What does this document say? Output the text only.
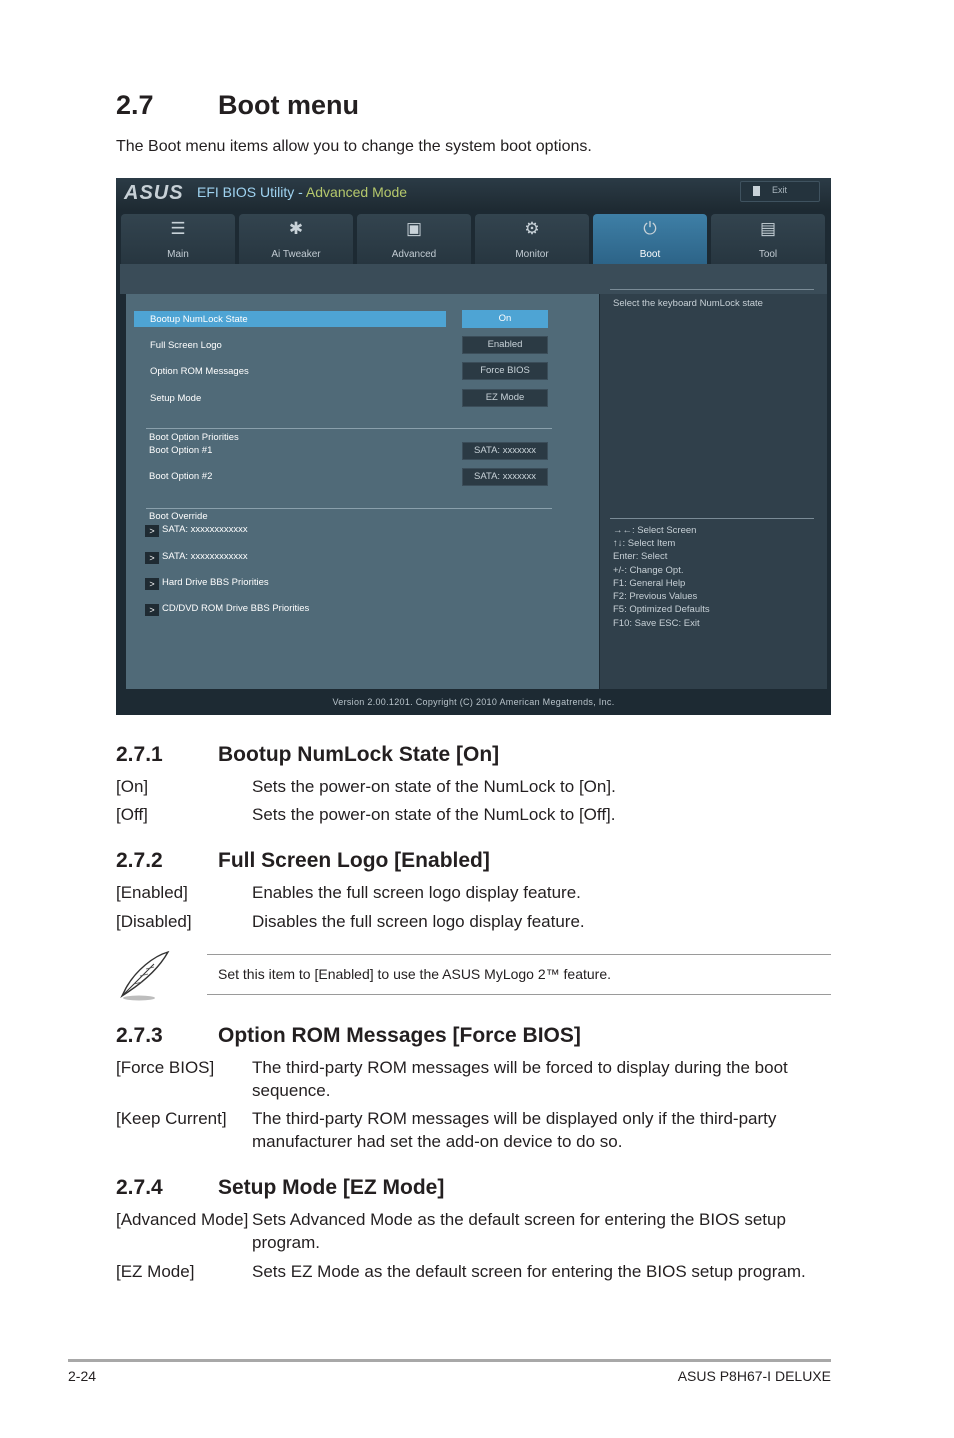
2.7 Boot menu
The Boot menu items allow you to change the system boot options.
ASUS EFI BIOS Utility - Advanced Mode	Exit
☰
Main
✱
Ai Tweaker
▣
Advanced
⚙
Monitor
⏻
Boot
▤
Tool
Bootup NumLock State	On
Full Screen Logo	Enabled
Option ROM Messages	Force BIOS
Setup Mode	EZ Mode
Boot Option Priorities
Boot Option #1	SATA: xxxxxxx
Boot Option #2	SATA: xxxxxxx
Boot Override
> SATA: xxxxxxxxxxxx
> SATA: xxxxxxxxxxxx
> Hard Drive BBS Priorities
> CD/DVD ROM Drive BBS Priorities
Select the keyboard NumLock state
→←: Select Screen
↑↓: Select Item
Enter: Select
+/-: Change Opt.
F1: General Help
F2: Previous Values
F5: Optimized Defaults
F10: Save ESC: Exit
Version 2.00.1201. Copyright (C) 2010 American Megatrends, Inc.
2.7.1	Bootup NumLock State [On]
[On]	Sets the power-on state of the NumLock to [On].
[Off]	Sets the power-on state of the NumLock to [Off].
2.7.2	Full Screen Logo [Enabled]
[Enabled]	Enables the full screen logo display feature.
[Disabled]	Disables the full screen logo display feature.
Set this item to [Enabled] to use the ASUS MyLogo 2™ feature.
2.7.3	Option ROM Messages [Force BIOS]
[Force BIOS] The third-party ROM messages will be forced to display during the boot sequence.
[Keep Current] The third-party ROM messages will be displayed only if the third-party manufacturer had set the add-on device to do so.
2.7.4	Setup Mode [EZ Mode]
[Advanced Mode] Sets Advanced Mode as the default screen for entering the BIOS setup program.
[EZ Mode]	Sets EZ Mode as the default screen for entering the BIOS setup program.
2-24	ASUS P8H67-I DELUXE
